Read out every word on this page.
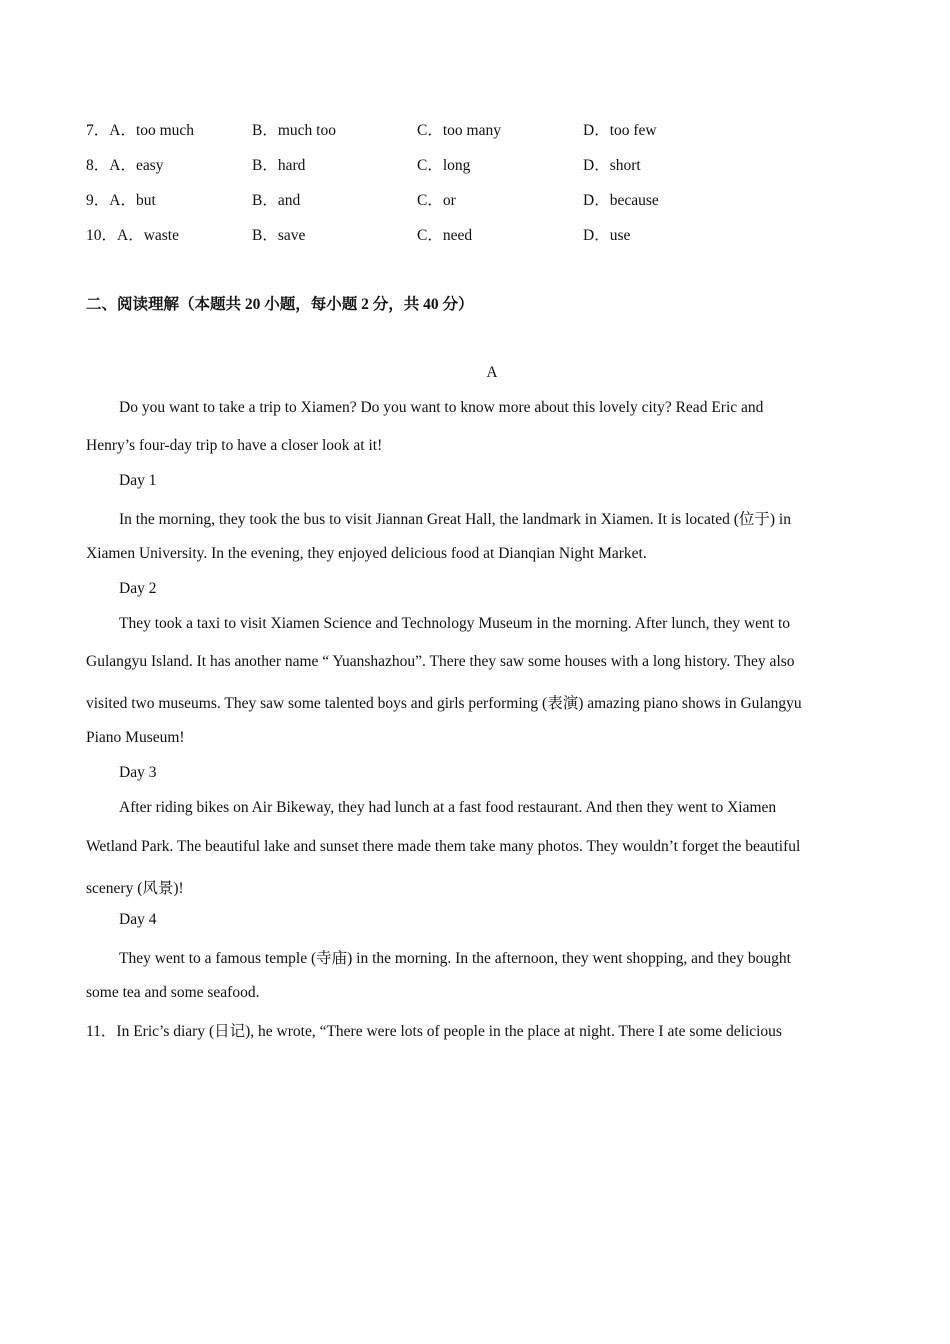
7．A．too much	B．much too	C．too many	D．too few
8．A．easy	B．hard	C．long	D．short
9．A．but	B．and	C．or	D．because
10．A．waste	B．save	C．need	D．use
二、阅读理解（本题共 20 小题，每小题 2 分，共 40 分）
A
Do you want to take a trip to Xiamen? Do you want to know more about this lovely city? Read Eric and
Henry’s four-day trip to have a closer look at it!
Day 1
In the morning, they took the bus to visit Jiannan Great Hall, the landmark in Xiamen. It is located (位于) in
Xiamen University. In the evening, they enjoyed delicious food at Dianqian Night Market.
Day 2
They took a taxi to visit Xiamen Science and Technology Museum in the morning. After lunch, they went to
Gulangyu Island. It has another name “ Yuanshazhou”. There they saw some houses with a long history. They also
visited two museums. They saw some talented boys and girls performing (表演) amazing piano shows in Gulangyu
Piano Museum!
Day 3
After riding bikes on Air Bikeway, they had lunch at a fast food restaurant. And then they went to Xiamen
Wetland Park. The beautiful lake and sunset there made them take many photos. They wouldn’t forget the beautiful
scenery (风景)!
Day 4
They went to a famous temple (寺庙) in the morning. In the afternoon, they went shopping, and they bought
some tea and some seafood.
11．In Eric’s diary (日记), he wrote, “There were lots of people in the place at night. There I ate some delicious
